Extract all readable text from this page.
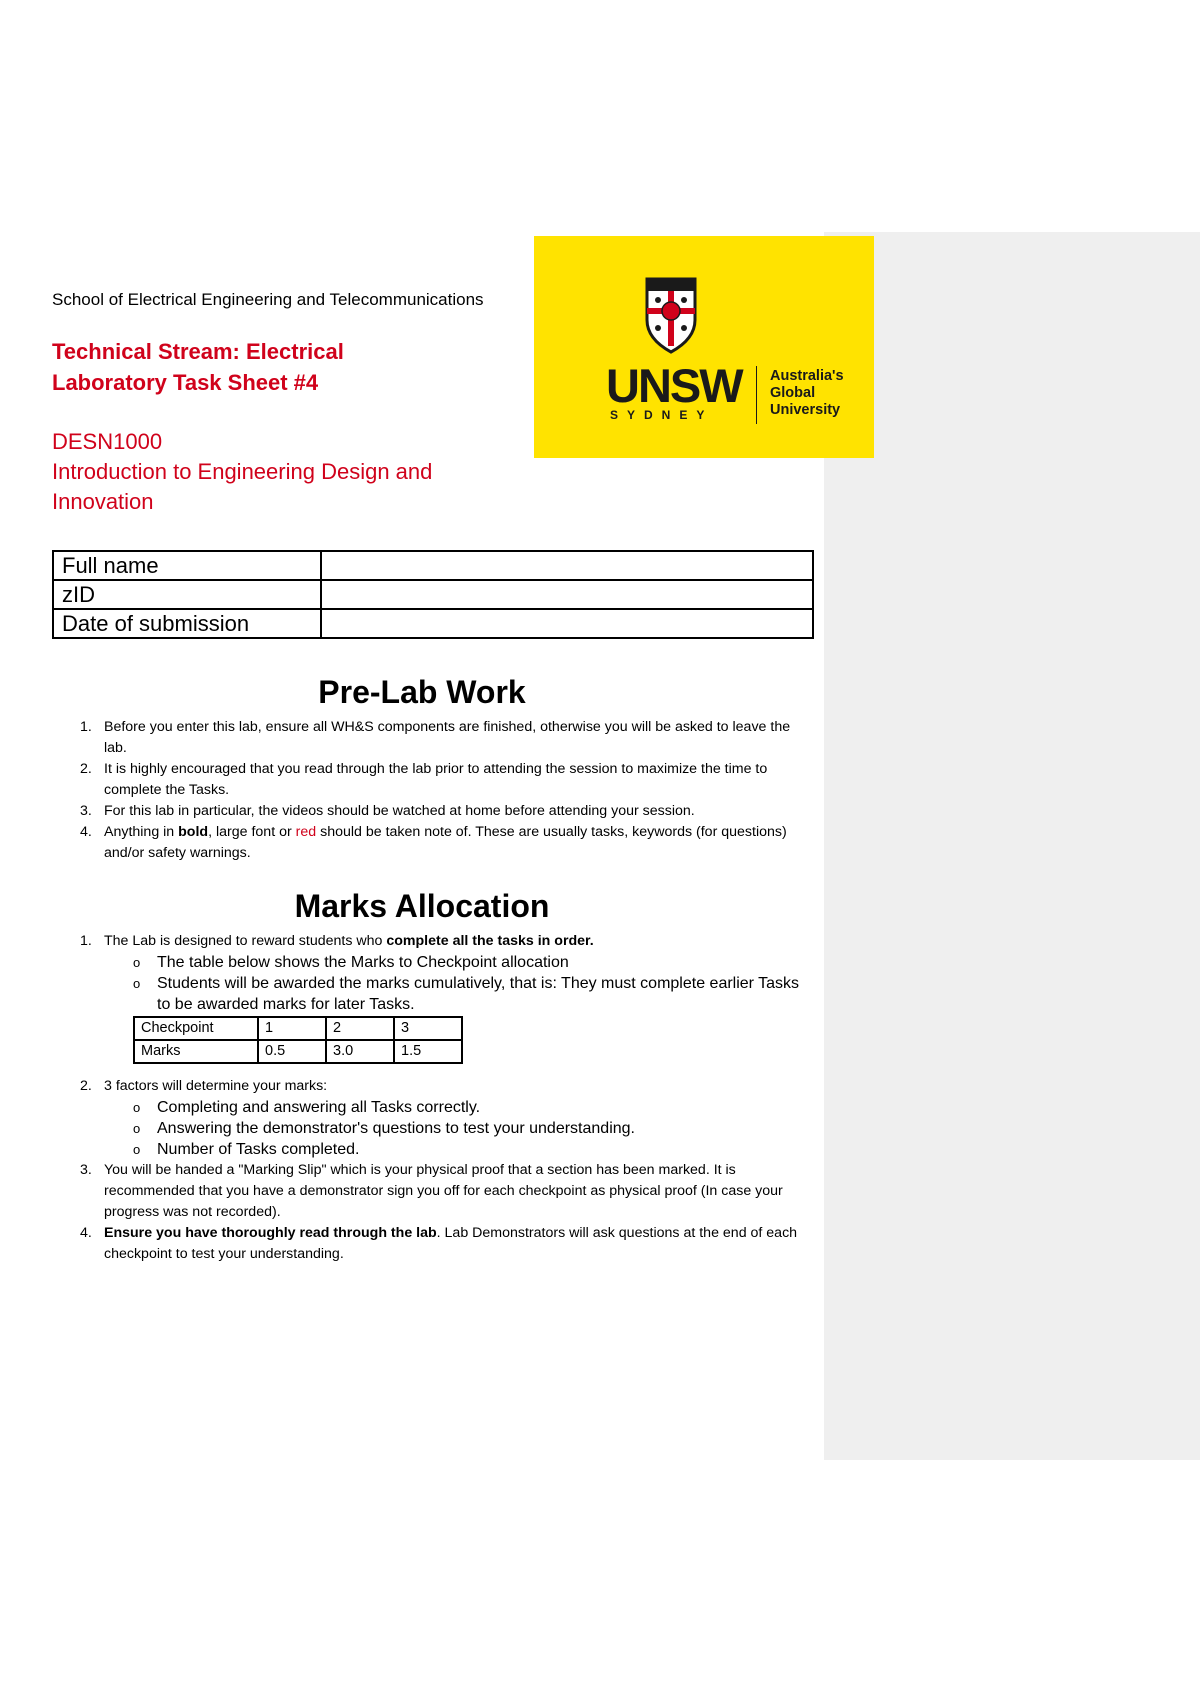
UNSW
SYDNEY
Australia's
Global
University
School of Electrical Engineering and Telecommunications
Technical Stream: Electrical
Laboratory Task Sheet #4
DESN1000
Introduction to Engineering Design and
Innovation
Full name	
zID	
Date of submission	
Pre-Lab Work
1. Before you enter this lab, ensure all WH&S components are finished, otherwise you will be asked to leave the lab.
2. It is highly encouraged that you read through the lab prior to attending the session to maximize the time to complete the Tasks.
3. For this lab in particular, the videos should be watched at home before attending your session.
4. Anything in bold, large font or red should be taken note of. These are usually tasks, keywords (for questions) and/or safety warnings.
Marks Allocation
1. The Lab is designed to reward students who complete all the tasks in order.
o The table below shows the Marks to Checkpoint allocation
o Students will be awarded the marks cumulatively, that is: They must complete earlier Tasks to be awarded marks for later Tasks.
Checkpoint	1	2	3
Marks	0.5	3.0	1.5
2. 3 factors will determine your marks:
o Completing and answering all Tasks correctly.
o Answering the demonstrator's questions to test your understanding.
o Number of Tasks completed.
3. You will be handed a "Marking Slip" which is your physical proof that a section has been marked. It is recommended that you have a demonstrator sign you off for each checkpoint as physical proof (In case your progress was not recorded).
4. Ensure you have thoroughly read through the lab. Lab Demonstrators will ask questions at the end of each checkpoint to test your understanding.
